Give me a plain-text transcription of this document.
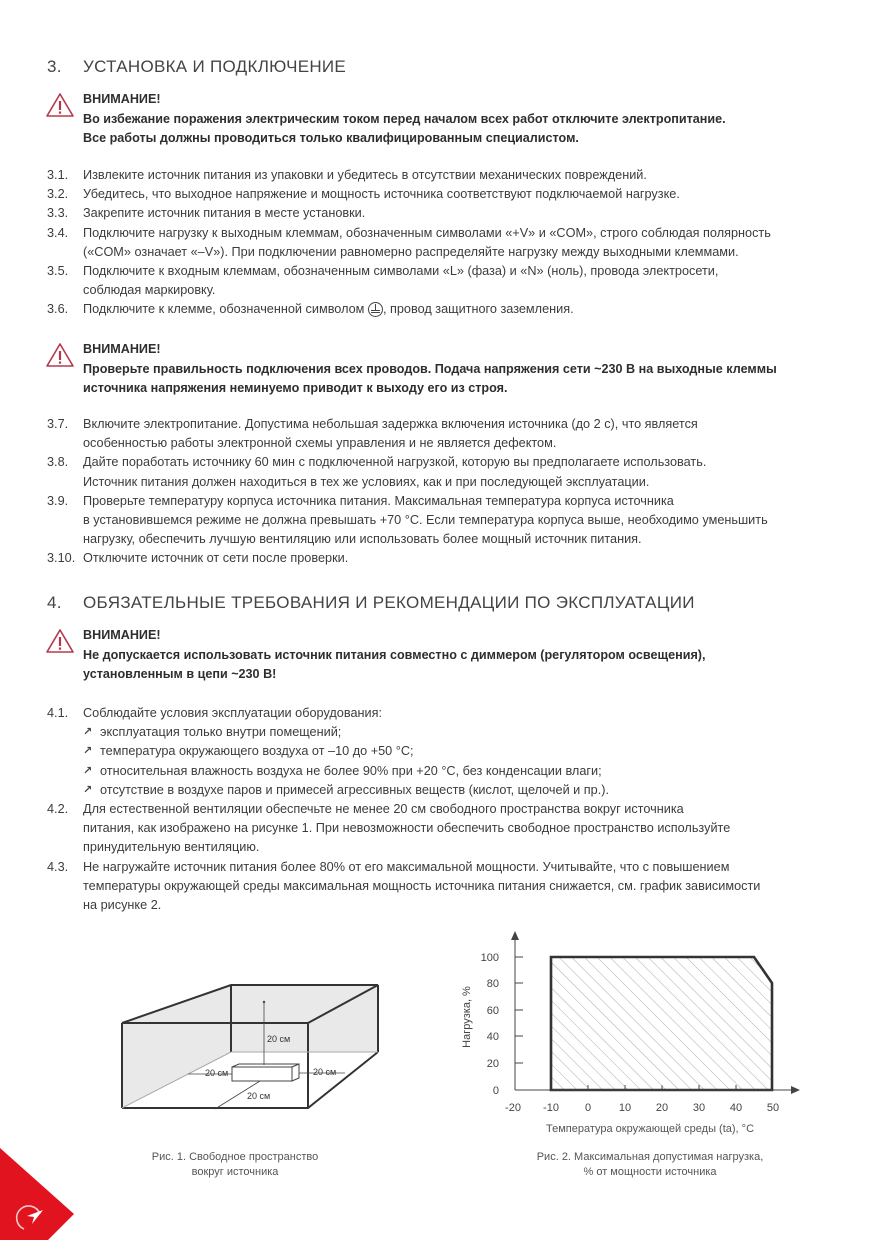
3. УСТАНОВКА И ПОДКЛЮЧЕНИЕ
ВНИМАНИЕ!
Во избежание поражения электрическим током перед началом всех работ отключите электропитание.
Все работы должны проводиться только квалифицированным специалистом.
3.1.	Извлеките источник питания из упаковки и убедитесь в отсутствии механических повреждений.
3.2.	Убедитесь, что выходное напряжение и мощность источника соответствуют подключаемой нагрузке.
3.3.	Закрепите источник питания в месте установки.
3.4.	Подключите нагрузку к выходным клеммам, обозначенным символами «+V» и «COM», строго соблюдая полярность
(«COM» означает «–V»). При подключении равномерно распределяйте нагрузку между выходными клеммами.
3.5.	Подключите к входным клеммам, обозначенным символами «L» (фаза) и «N» (ноль), провода электросети,
соблюдая маркировку.
3.6.	Подключите к клемме, обозначенной символом , провод защитного заземления.
ВНИМАНИЕ!
Проверьте правильность подключения всех проводов. Подача напряжения сети ~230 В на выходные клеммы
источника напряжения неминуемо приводит к выходу его из строя.
3.7.	Включите электропитание. Допустима небольшая задержка включения источника (до 2 с), что является
особенностью работы электронной схемы управления и не является дефектом.
3.8.	Дайте поработать источнику 60 мин с подключенной нагрузкой, которую вы предполагаете использовать.
Источник питания должен находиться в тех же условиях, как и при последующей эксплуатации.
3.9.	Проверьте температуру корпуса источника питания. Максимальная температура корпуса источника
в установившемся режиме не должна превышать +70 °C. Если температура корпуса выше, необходимо уменьшить
нагрузку, обеспечить лучшую вентиляцию или использовать более мощный источник питания.
3.10. Отключите источник от сети после проверки.
4. ОБЯЗАТЕЛЬНЫЕ ТРЕБОВАНИЯ И РЕКОМЕНДАЦИИ ПО ЭКСПЛУАТАЦИИ
ВНИМАНИЕ!
Не допускается использовать источник питания совместно с диммером (регулятором освещения),
установленным в цепи ~230 В!
4.1.	Соблюдайте условия эксплуатации оборудования:
↗ эксплуатация только внутри помещений;
↗ температура окружающего воздуха от –10 до +50 °C;
↗ относительная влажность воздуха не более 90% при +20 °C, без конденсации влаги;
↗ отсутствие в воздухе паров и примесей агрессивных веществ (кислот, щелочей и пр.).
4.2.	Для естественной вентиляции обеспечьте не менее 20 см свободного пространства вокруг источника
питания, как изображено на рисунке 1. При невозможности обеспечить свободное пространство используйте
принудительную вентиляцию.
4.3.	Не нагружайте источник питания более 80% от его максимальной мощности. Учитывайте, что с повышением
температуры окружающей среды максимальная мощность источника питания снижается, см. график зависимости
на рисунке 2.
20 см
20 см	20 см
20 см
Рис. 1. Свободное пространство
вокруг источника
100
80
60
40
20
0
-20 -10 0	10 20 30 40 50
Нагрузка, %
Температура окружающей среды (ta), °C
Рис. 2. Максимальная допустимая нагрузка,
% от мощности источника
